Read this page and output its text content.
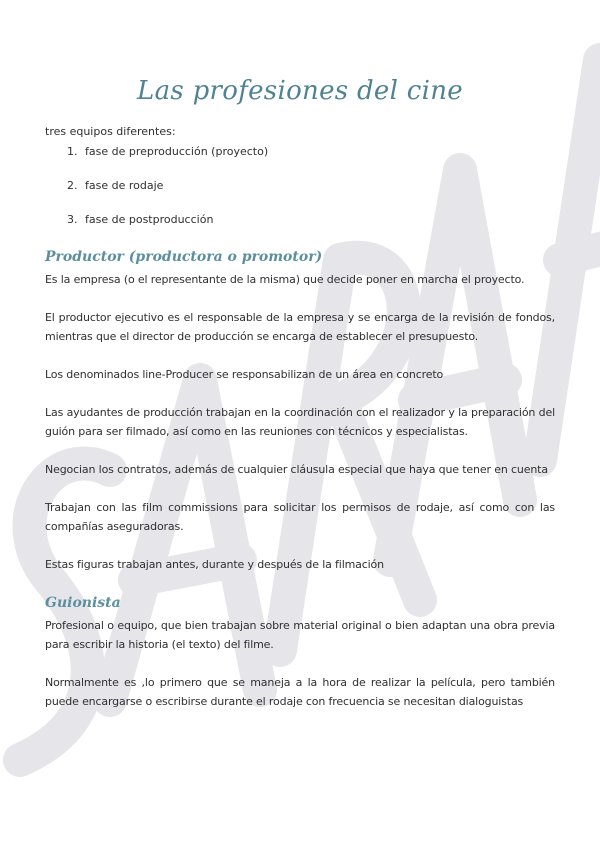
Las profesiones del cine
tres equipos diferentes:
1. fase de preproducción (proyecto)
2. fase de rodaje
3. fase de postproducción
Productor (productora o promotor)

Es la empresa (o el representante de la misma) que decide poner en marcha el proyecto.

El productor ejecutivo es el responsable de la empresa y se encarga de la revisión de fondos, mientras que el director de producción se encarga de establecer el presupuesto.

Los denominados line-Producer se responsabilizan de un área en concreto

Las ayudantes de producción trabajan en la coordinación con el realizador y la preparación del guión para ser filmado, así como en las reuniones con técnicos y especialistas.

Negocian los contratos, además de cualquier cláusula especial que haya que tener en cuenta

Trabajan con las film commissions para solicitar los permisos de rodaje, así como con las compañías aseguradoras.

Estas figuras trabajan antes, durante y después de la filmación

Guionista

Profesional o equipo, que bien trabajan sobre material original o bien adaptan una obra previa para escribir la historia (el texto) del filme.

Normalmente es ,lo primero que se maneja a la hora de realizar la película, pero también puede encargarse o escribirse durante el rodaje con frecuencia se necesitan dialoguistas
